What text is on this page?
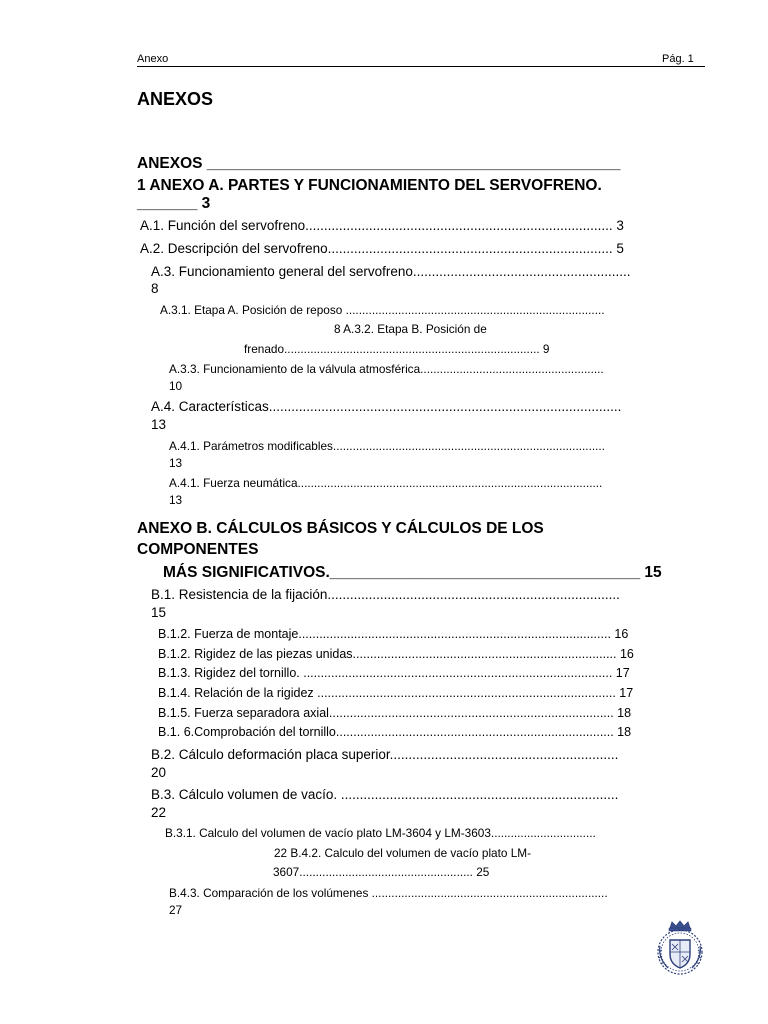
Anexo	Pág. 1
ANEXOS
ANEXOS ________________________________________________
1 ANEXO A. PARTES Y FUNCIONAMIENTO DEL SERVOFRENO.
_______ 3
A.1. Función del servofreno.................................................................................. 3
A.2. Descripción del servofreno............................................................................ 5
A.3. Funcionamiento general del servofreno..........................................................
8
A.3.1. Etapa A. Posición de reposo ...............................................................................
8 A.3.2. Etapa B. Posición de
frenado.............................................................................. 9
A.3.3. Funcionamiento de la válvula atmosférica........................................................
10
A.4. Características..............................................................................................
13
A.4.1. Parámetros modificables...................................................................................
13
A.4.1. Fuerza neumática.............................................................................................
13
ANEXO B. CÁLCULOS BÁSICOS Y CÁLCULOS DE LOS
COMPONENTES
MÁS SIGNIFICATIVOS.____________________________________ 15
B.1. Resistencia de la fijación..............................................................................
15
B.1.2. Fuerza de montaje.......................................................................................... 16
B.1.2. Rigidez de las piezas unidas............................................................................ 16
B.1.3. Rigidez del tornillo. ......................................................................................... 17
B.1.4. Relación de la rigidez ...................................................................................... 17
B.1.5. Fuerza separadora axial.................................................................................. 18
B.1. 6.Comprobación del tornillo................................................................................ 18
B.2. Cálculo deformación placa superior.............................................................
20
B.3. Cálculo volumen de vacío. ..........................................................................
22
B.3.1. Calculo del volumen de vacío plato LM-3604 y LM-3603................................
22 B.4.2. Calculo del volumen de vacío plato LM-
3607..................................................... 25
B.4.3. Comparación de los volúmenes ........................................................................
27
